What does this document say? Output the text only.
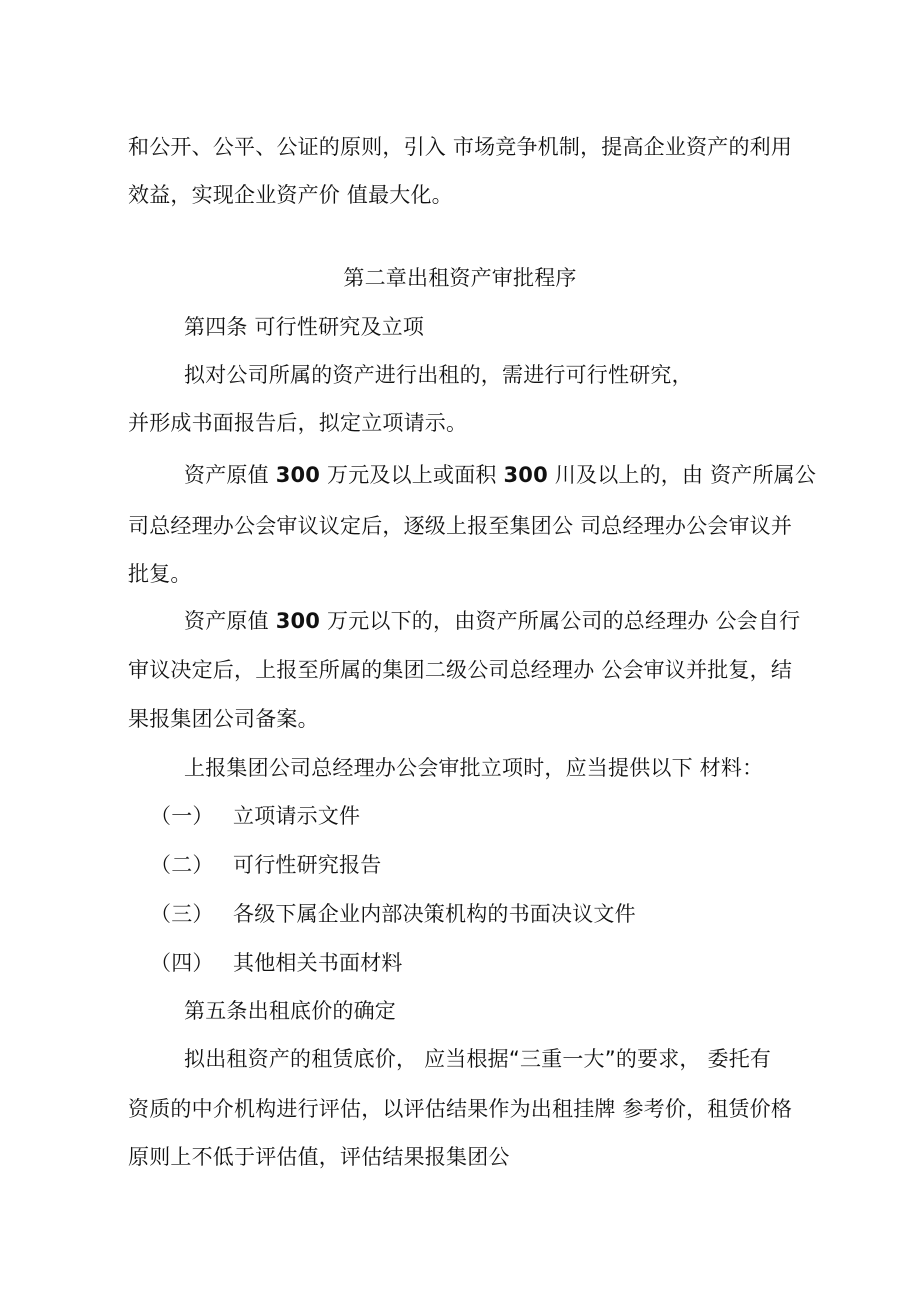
和公开、公平、公证的原则，引入 市场竞争机制，提高企业资产的利用
效益，实现企业资产价 值最大化。
第二章出租资产审批程序
第四条 可行性研究及立项
拟对公司所属的资产进行出租的，需进行可行性研究，
并形成书面报告后，拟定立项请示。
资产原值 300 万元及以上或面积 300 川及以上的，由 资产所属公
司总经理办公会审议议定后，逐级上报至集团公 司总经理办公会审议并
批复。
资产原值 300 万元以下的，由资产所属公司的总经理办 公会自行
审议决定后，上报至所属的集团二级公司总经理办 公会审议并批复，结
果报集团公司备案。
上报集团公司总经理办公会审批立项时，应当提供以下 材料：
（一） 立项请示文件
（二） 可行性研究报告
（三） 各级下属企业内部决策机构的书面决议文件
（四） 其他相关书面材料
第五条出租底价的确定
拟出租资产的租赁底价， 应当根据“三重一大”的要求， 委托有
资质的中介机构进行评估，以评估结果作为出租挂牌 参考价，租赁价格
原则上不低于评估值，评估结果报集团公
